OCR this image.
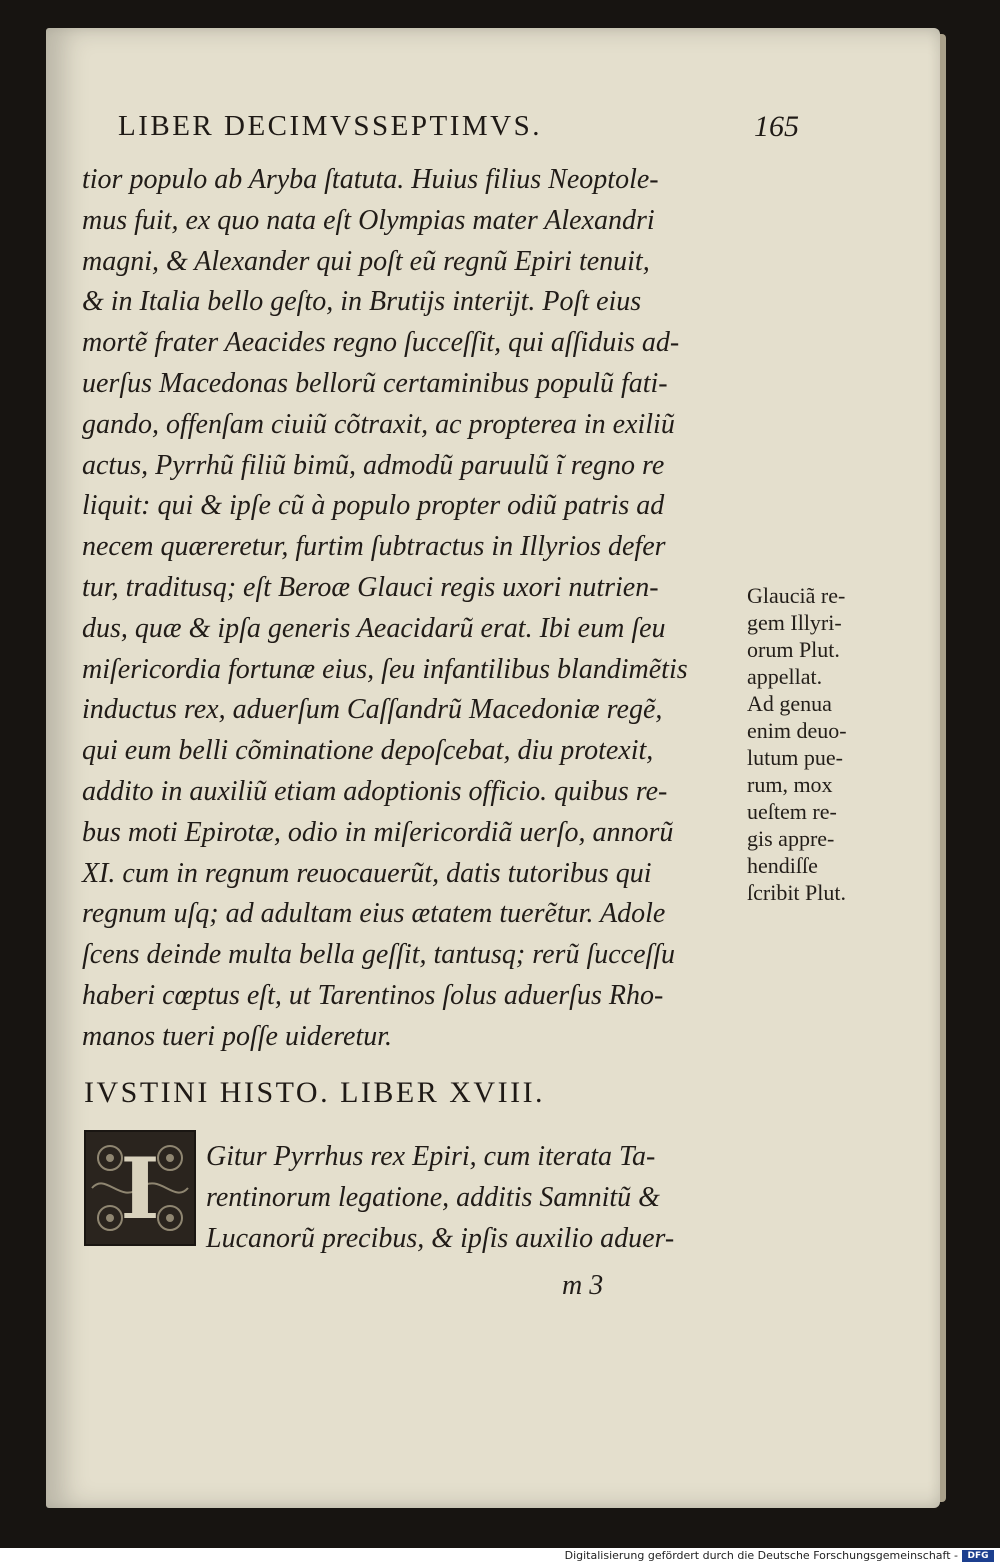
LIBER DECIMVSSEPTIMVS.	165
tior populo ab Aryba ſtatuta. Huius filius Neoptole-
mus fuit, ex quo nata eſt Olympias mater Alexandri
magni, & Alexander qui poſt eũ regnũ Epiri tenuit,
& in Italia bello geſto, in Brutijs interijt. Poſt eius
mortẽ frater Aeacides regno ſucceſſit, qui aſſiduis ad-
uerſus Macedonas bellorũ certaminibus populũ fati-
gando, offenſam ciuiũ cõtraxit, ac propterea in exiliũ
actus, Pyrrhũ filiũ bimũ, admodũ paruulũ ĩ regno re
liquit: qui & ipſe cũ à populo propter odiũ patris ad
necem quæreretur, furtim ſubtractus in Illyrios defer
tur, traditusq; eſt Beroæ Glauci regis uxori nutrien-
dus, quæ & ipſa generis Aeacidarũ erat. Ibi eum ſeu
miſericordia fortunæ eius, ſeu infantilibus blandimẽtis
inductus rex, aduerſum Caſſandrũ Macedoniæ regẽ,
qui eum belli cõminatione depoſcebat, diu protexit,
addito in auxiliũ etiam adoptionis officio. quibus re-
bus moti Epirotæ, odio in miſericordiã uerſo, annorũ
XI. cum in regnum reuocauerũt, datis tutoribus qui
regnum uſq; ad adultam eius ætatem tuerẽtur. Adole
ſcens deinde multa bella geſſit, tantusq; rerũ ſucceſſu
haberi cœptus eſt, ut Tarentinos ſolus aduerſus Rho-
manos tueri poſſe uideretur.
Glauciã re-
gem Illyri-
orum Plut.
appellat.
Ad genua
enim deuo-
lutum pue-
rum, mox
ueſtem re-
gis appre-
hendiſſe
ſcribit Plut.
IVSTINI HISTO. LIBER XVIII.
I	Gitur Pyrrhus rex Epiri, cum iterata Ta-
rentinorum legatione, additis Samnitũ &
Lucanorũ precibus, & ipſis auxilio aduer-
m 3
Digitalisierung gefördert durch die Deutsche Forschungsgemeinschaft -	DFG
